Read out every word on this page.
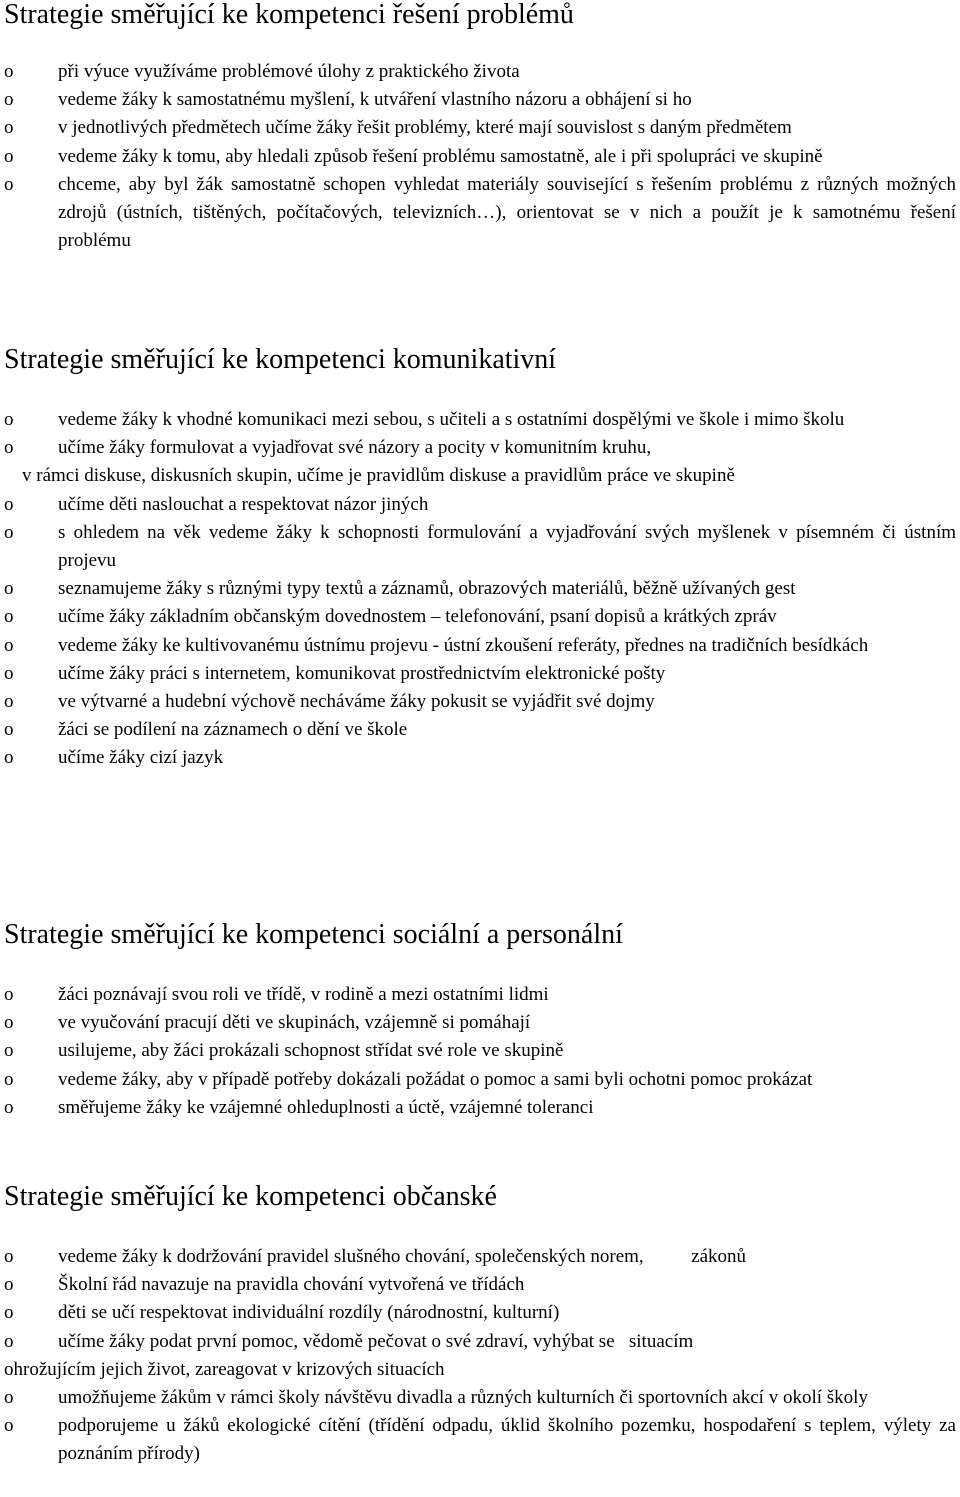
Strategie směřující ke kompetenci řešení problémů
o	při výuce využíváme problémové úlohy z praktického života
o	vedeme žáky k samostatnému myšlení, k utváření vlastního názoru a obhájení si ho
o	v jednotlivých předmětech učíme žáky řešit problémy, které mají souvislost s daným předmětem
o	vedeme žáky k tomu, aby hledali způsob řešení problému samostatně, ale i při spolupráci ve skupině
o	chceme, aby byl žák samostatně schopen vyhledat materiály související s řešením problému z různých možných zdrojů (ústních, tištěných, počítačových, televizních…), orientovat se v nich a použít je k samotnému řešení problému
Strategie směřující ke kompetenci komunikativní
o	vedeme žáky k vhodné komunikaci mezi sebou, s učiteli a s ostatními dospělými ve škole i mimo školu
o	učíme žáky formulovat a vyjadřovat své názory a pocity v komunitním kruhu,

v rámci diskuse, diskusních skupin, učíme je pravidlům diskuse a pravidlům práce ve skupině

o	učíme děti naslouchat a respektovat názor jiných
o	s ohledem na věk vedeme žáky k schopnosti formulování a vyjadřování svých myšlenek v písemném či ústním projevu
o	seznamujeme žáky s různými typy textů a záznamů, obrazových materiálů, běžně užívaných gest
o	učíme žáky základním občanským dovednostem – telefonování, psaní dopisů a krátkých zpráv
o	vedeme žáky ke kultivovanému ústnímu projevu - ústní zkoušení referáty, přednes na tradičních besídkách
o	učíme žáky práci s internetem, komunikovat prostřednictvím elektronické pošty
o	ve výtvarné a hudební výchově necháváme žáky pokusit se vyjádřit své dojmy
o	žáci se podílení na záznamech o dění ve škole
o	učíme žáky cizí jazyk
Strategie směřující ke kompetenci sociální a personální
o	žáci poznávají svou roli ve třídě, v rodině a mezi ostatními lidmi
o	ve vyučování pracují děti ve skupinách, vzájemně si pomáhají
o	usilujeme, aby žáci prokázali schopnost střídat své role ve skupině
o	vedeme žáky, aby v případě potřeby dokázali požádat o pomoc a sami byli ochotni pomoc prokázat
o	směřujeme žáky ke vzájemné ohleduplnosti a úctě, vzájemné toleranci
Strategie směřující ke kompetenci občanské
o	vedeme žáky k dodržování pravidel slušného chování, společenských norem,          zákonů
o	Školní řád navazuje na pravidla chování vytvořená ve třídách
o	děti se učí respektovat individuální rozdíly (národnostní, kulturní)
o	učíme žáky podat první pomoc, vědomě pečovat o své zdraví, vyhýbat se   situacím

ohrožujícím jejich život, zareagovat v krizových situacích

o	umožňujeme žákům v rámci školy návštěvu divadla a různých kulturních či sportovních akcí v okolí školy
o	podporujeme u žáků ekologické cítění (třídění odpadu, úklid školního pozemku, hospodaření s teplem, výlety za poznáním přírody)
